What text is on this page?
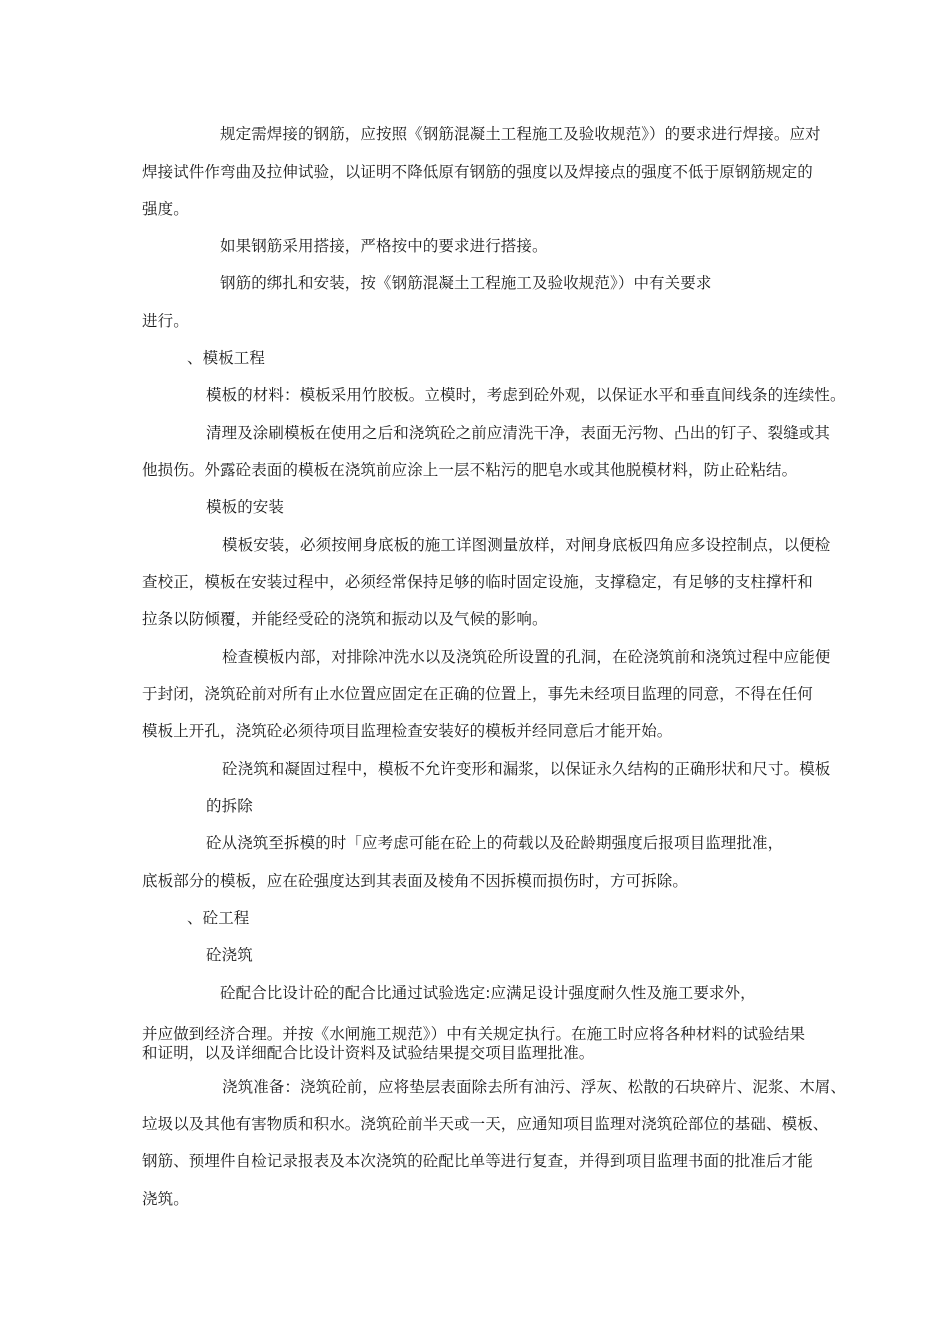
规定需焊接的钢筋，应按照《钢筋混凝土工程施工及验收规范》）的要求进行焊接。应对
焊接试件作弯曲及拉伸试验，以证明不降低原有钢筋的强度以及焊接点的强度不低于原钢筋规定的
强度。
如果钢筋采用搭接，严格按中的要求进行搭接。
钢筋的绑扎和安装，按《钢筋混凝土工程施工及验收规范》）中有关要求
进行。
、模板工程
模板的材料：模板采用竹胶板。立模时，考虑到砼外观，以保证水平和垂直间线条的连续性。
清理及涂刷模板在使用之后和浇筑砼之前应清洗干净，表面无污物、凸出的钉子、裂缝或其
他损伤。外露砼表面的模板在浇筑前应涂上一层不粘污的肥皂水或其他脱模材料，防止砼粘结。
模板的安装
模板安装，必须按闸身底板的施工详图测量放样，对闸身底板四角应多设控制点，以便检
查校正，模板在安装过程中，必须经常保持足够的临时固定设施，支撑稳定，有足够的支柱撑杆和
拉条以防倾覆，并能经受砼的浇筑和振动以及气候的影响。
检查模板内部，对排除冲洗水以及浇筑砼所设置的孔洞，在砼浇筑前和浇筑过程中应能便
于封闭，浇筑砼前对所有止水位置应固定在正确的位置上，事先未经项目监理的同意，不得在任何
模板上开孔，浇筑砼必须待项目监理检查安装好的模板并经同意后才能开始。
砼浇筑和凝固过程中，模板不允许变形和漏浆，以保证永久结构的正确形状和尺寸。模板
的拆除
砼从浇筑至拆模的时「应考虑可能在砼上的荷载以及砼龄期强度后报项目监理批准，
底板部分的模板，应在砼强度达到其表面及棱角不因拆模而损伤时，方可拆除。
、砼工程
砼浇筑
砼配合比设计砼的配合比通过试验选定:应满足设计强度耐久性及施工要求外，
并应做到经济合理。并按《水闸施工规范》）中有关规定执行。在施工时应将各种材料的试验结果
和证明，以及详细配合比设计资料及试验结果提交项目监理批准。
浇筑准备：浇筑砼前，应将垫层表面除去所有油污、浮灰、松散的石块碎片、泥浆、木屑、
垃圾以及其他有害物质和积水。浇筑砼前半天或一天，应通知项目监理对浇筑砼部位的基础、模板、
钢筋、预埋件自检记录报表及本次浇筑的砼配比单等进行复查，并得到项目监理书面的批准后才能
浇筑。
